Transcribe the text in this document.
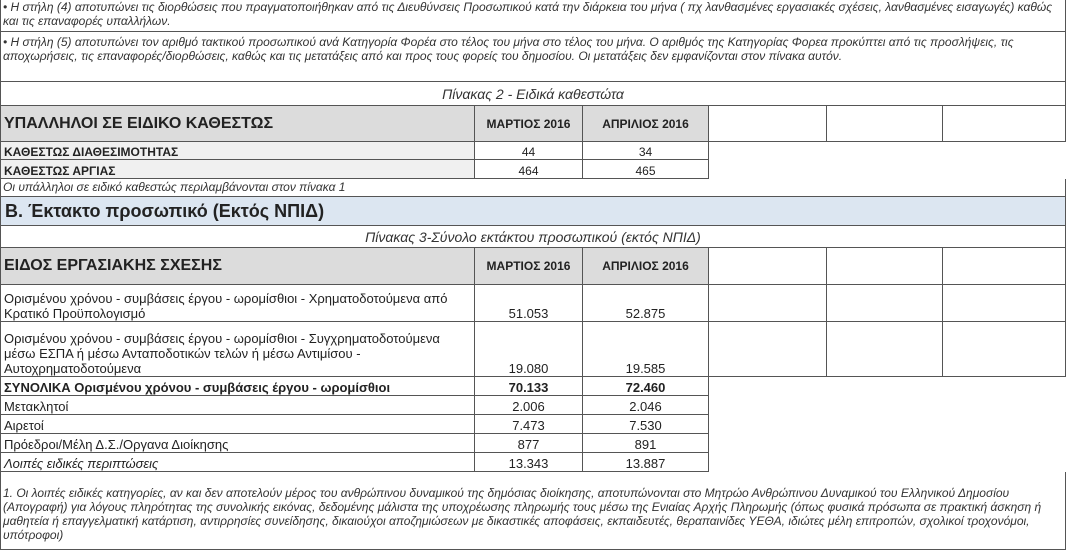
• Η στήλη (4) αποτυπώνει τις διορθώσεις που πραγματοποιήθηκαν από τις Διευθύνσεις Προσωπικού κατά την διάρκεια του μήνα ( πχ λανθασμένες εργασιακές σχέσεις, λανθασμένες εισαγωγές) καθώς και τις επαναφορές υπαλλήλων.
• Η στήλη (5) αποτυπώνει τον αριθμό τακτικού προσωπικού ανά Κατηγορία Φορέα στο τέλος του μήνα στο τέλος του μήνα. Ο αριθμός της Κατηγορίας Φορεα προκύπτει από τις προσλήψεις, τις αποχωρήσεις, τις επαναφορές/διορθώσεις, καθώς και τις μετατάξεις από και προς τους φορείς του δημοσίου. Οι μετατάξεις δεν εμφανίζονται στον πίνακα αυτόν.
Πίνακας 2 - Ειδικά καθεστώτα
ΥΠΑΛΛΗΛΟΙ ΣΕ ΕΙΔΙΚΟ ΚΑΘΕΣΤΩΣ	ΜΑΡΤΙΟΣ 2016	ΑΠΡΙΛΙΟΣ 2016
ΚΑΘΕΣΤΩΣ ΔΙΑΘΕΣΙΜΟΤΗΤΑΣ	44	34
ΚΑΘΕΣΤΩΣ ΑΡΓΙΑΣ	464	465
Οι υπάλληλοι σε ειδικό καθεστώς περιλαμβάνονται στον πίνακα 1
Β. Έκτακτο προσωπικό (Εκτός ΝΠΙΔ)
Πίνακας 3-Σύνολο εκτάκτου προσωπικού (εκτός ΝΠΙΔ)
ΕΙΔΟΣ ΕΡΓΑΣΙΑΚΗΣ ΣΧΕΣΗΣ	ΜΑΡΤΙΟΣ 2016	ΑΠΡΙΛΙΟΣ 2016
Ορισμένου χρόνου - συμβάσεις έργου - ωρομίσθιοι - Χρηματοδοτούμενα από Κρατικό Προϋπολογισμό	51.053	52.875
Ορισμένου χρόνου - συμβάσεις έργου - ωρομίσθιοι - Συγχρηματοδοτούμενα μέσω ΕΣΠΑ ή μέσω Ανταποδοτικών τελών ή μέσω Αντιμίσου - Αυτοχρηματοδοτούμενα	19.080	19.585
ΣΥΝΟΛΙΚΑ Ορισμένου χρόνου - συμβάσεις έργου - ωρομίσθιοι	70.133	72.460
Μετακλητοί	2.006	2.046
Αιρετοί	7.473	7.530
Πρόεδροι/Μέλη Δ.Σ./Οργανα Διοίκησης	877	891
Λοιπές ειδικές περιπτώσεις	13.343	13.887
1. Οι λοιπές ειδικές κατηγορίες, αν και δεν αποτελούν μέρος του ανθρώπινου δυναμικού της δημόσιας διοίκησης, αποτυπώνονται στο Μητρώο Ανθρώπινου Δυναμικού του Ελληνικού Δημοσίου (Απογραφή) για λόγους πληρότητας της συνολικής εικόνας, δεδομένης μάλιστα της υποχρέωσης πληρωμής τους μέσω της Ενιαίας Αρχής Πληρωμής (όπως φυσικά πρόσωπα σε πρακτική άσκηση ή μαθητεία ή επαγγελματική κατάρτιση, αντιρρησίες συνείδησης, δικαιούχοι αποζημιώσεων με δικαστικές αποφάσεις, εκπαιδευτές, θεραπαινίδες ΥΕΘΑ, ιδιώτες μέλη επιτροπών, σχολικοί τροχονόμοι, υπότροφοι)
